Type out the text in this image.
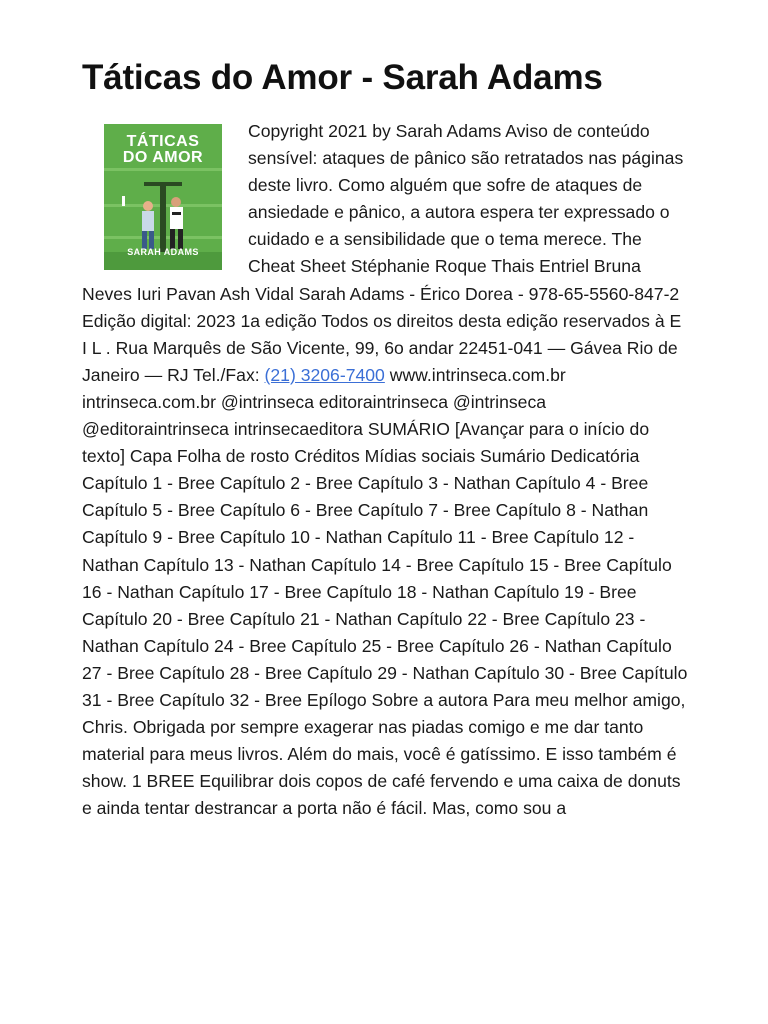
Táticas do Amor - Sarah Adams
TÁTICAS
DO AMOR
SARAH ADAMS
Copyright 2021 by Sarah Adams Aviso de conteúdo sensível: ataques de pânico são retratados nas páginas deste livro. Como alguém que sofre de ataques de ansiedade e pânico, a autora espera ter expressado o cuidado e a sensibilidade que o tema merece. The Cheat Sheet Stéphanie Roque Thais Entriel Bruna Neves Iuri Pavan Ash Vidal Sarah Adams - Érico Dorea - 978-65-5560-847-2 Edição digital: 2023 1a edição Todos os direitos desta edição reservados à E I L . Rua Marquês de São Vicente, 99, 6o andar 22451-041 — Gávea Rio de Janeiro — RJ Tel./Fax: (21) 3206-7400 www.intrinseca.com.br intrinseca.com.br @intrinseca editoraintrinseca @intrinseca @editoraintrinseca intrinsecaeditora SUMÁRIO [Avançar para o início do texto] Capa Folha de rosto Créditos Mídias sociais Sumário Dedicatória Capítulo 1 - Bree Capítulo 2 - Bree Capítulo 3 - Nathan Capítulo 4 - Bree Capítulo 5 - Bree Capítulo 6 - Bree Capítulo 7 - Bree Capítulo 8 - Nathan Capítulo 9 - Bree Capítulo 10 - Nathan Capítulo 11 - Bree Capítulo 12 - Nathan Capítulo 13 - Nathan Capítulo 14 - Bree Capítulo 15 - Bree Capítulo 16 - Nathan Capítulo 17 - Bree Capítulo 18 - Nathan Capítulo 19 - Bree Capítulo 20 - Bree Capítulo 21 - Nathan Capítulo 22 - Bree Capítulo 23 - Nathan Capítulo 24 - Bree Capítulo 25 - Bree Capítulo 26 - Nathan Capítulo 27 - Bree Capítulo 28 - Bree Capítulo 29 - Nathan Capítulo 30 - Bree Capítulo 31 - Bree Capítulo 32 - Bree Epílogo Sobre a autora Para meu melhor amigo, Chris. Obrigada por sempre exagerar nas piadas comigo e me dar tanto material para meus livros. Além do mais, você é gatíssimo. E isso também é show. 1 BREE Equilibrar dois copos de café fervendo e uma caixa de donuts e ainda tentar destrancar a porta não é fácil. Mas, como sou a
